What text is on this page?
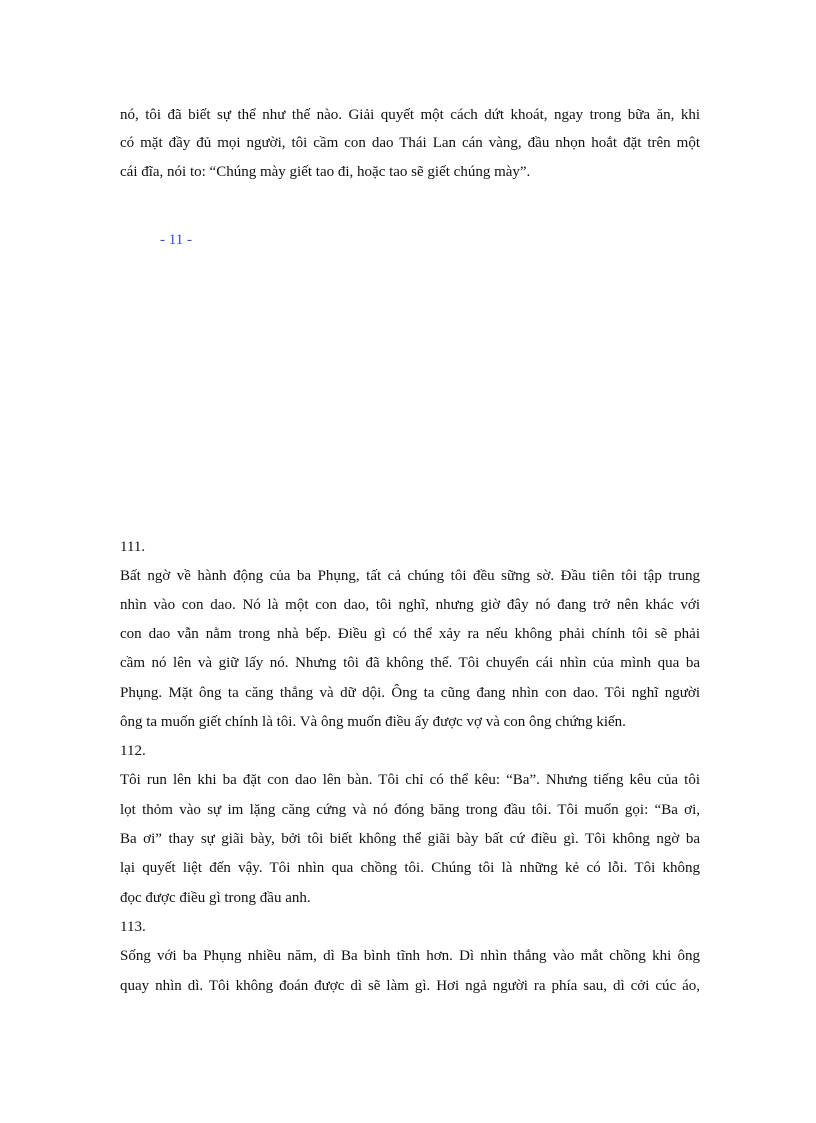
nó, tôi đã biết sự thể như thế nào. Giải quyết một cách dứt khoát, ngay trong bữa ăn, khi
có mặt đầy đủ mọi người, tôi cầm con dao Thái Lan cán vàng, đầu nhọn hoắt đặt trên một
cái đĩa, nói to: “Chúng mày giết tao đi, hoặc tao sẽ giết chúng mày”.
- 11 -
111.
Bất ngờ về hành động của ba Phụng, tất cả chúng tôi đều sững sờ. Đầu tiên tôi tập trung
nhìn vào con dao. Nó là một con dao, tôi nghĩ, nhưng giờ đây nó đang trở nên khác với
con dao vẫn nằm trong nhà bếp. Điều gì có thể xảy ra nếu không phải chính tôi sẽ phải
cầm nó lên và giữ lấy nó. Nhưng tôi đã không thể. Tôi chuyển cái nhìn của mình qua ba
Phụng. Mặt ông ta căng thẳng và dữ dội. Ông ta cũng đang nhìn con dao. Tôi nghĩ người
ông ta muốn giết chính là tôi. Và ông muốn điều ấy được vợ và con ông chứng kiến.
112.
Tôi run lên khi ba đặt con dao lên bàn. Tôi chỉ có thể kêu: “Ba”. Nhưng tiếng kêu của tôi
lọt thỏm vào sự im lặng căng cứng và nó đóng băng trong đầu tôi. Tôi muốn gọi: “Ba ơi,
Ba ơi” thay sự giãi bày, bởi tôi biết không thể giãi bày bất cứ điều gì. Tôi không ngờ ba
lại quyết liệt đến vậy. Tôi nhìn qua chồng tôi. Chúng tôi là những kẻ có lỗi. Tôi không
đọc được điều gì trong đầu anh.
113.
Sống với ba Phụng nhiều năm, dì Ba bình tĩnh hơn. Dì nhìn thẳng vào mắt chồng khi ông
quay nhìn dì. Tôi không đoán được dì sẽ làm gì. Hơi ngả người ra phía sau, dì cởi cúc áo,
